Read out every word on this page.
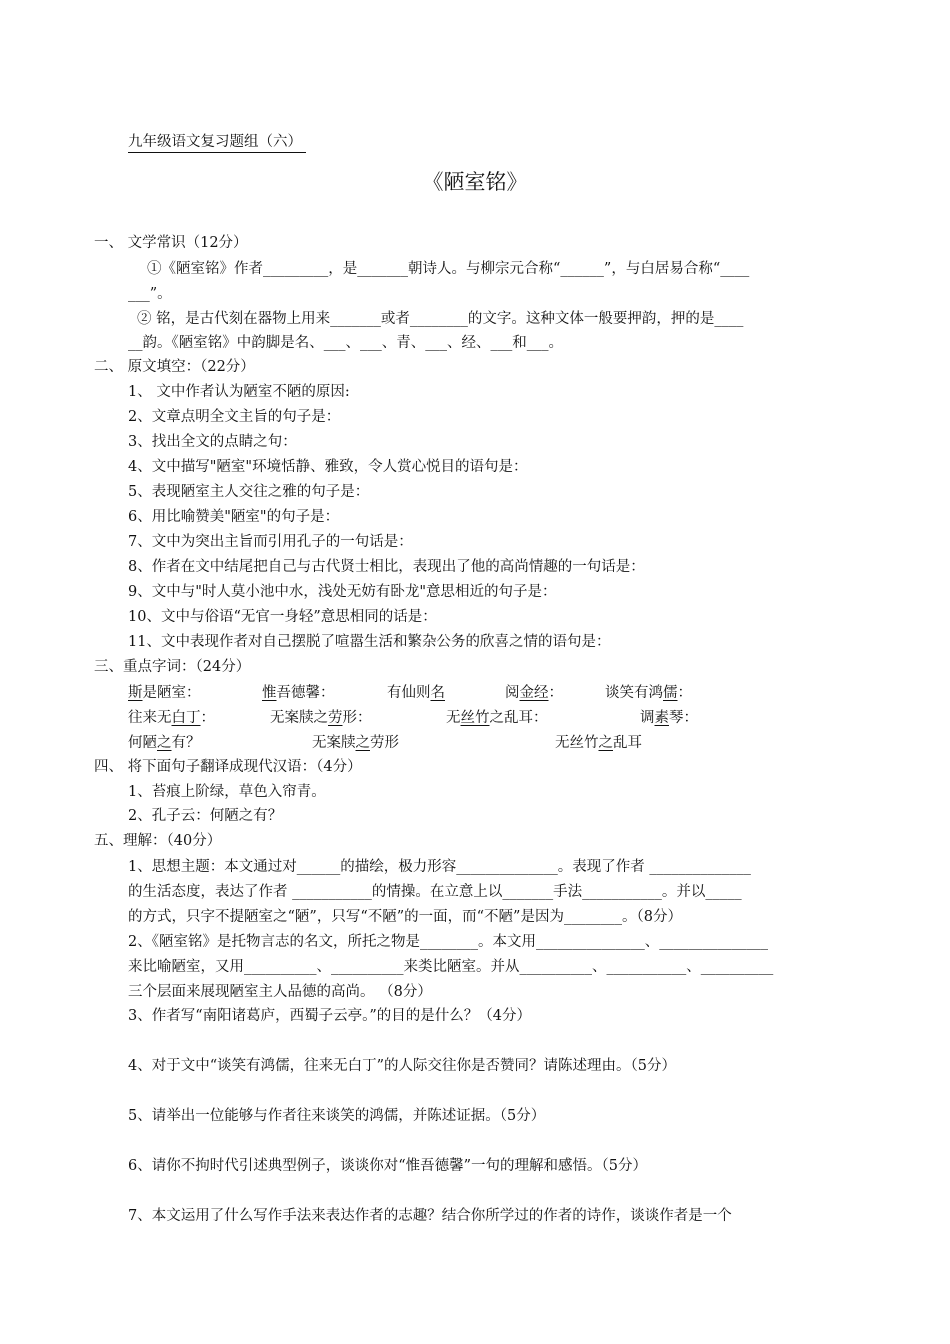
九年级语文复习题组（六）
《陋室铭》
一、 文学常识（12分）
①《陋室铭》作者_________，是_______朝诗人。与柳宗元合称“______”，与白居易合称“____
___”。
② 铭，是古代刻在器物上用来_______或者________的文字。这种文体一般要押韵，押的是____
__韵。《陋室铭》中韵脚是名、___、___、青、___、经、___和___。
二、 原文填空：（22分）
1、 文中作者认为陋室不陋的原因:
2、文章点明全文主旨的句子是：
3、找出全文的点睛之句：
4、文中描写"陋室"环境恬静、雅致，令人赏心悦目的语句是：
5、表现陋室主人交往之雅的句子是：
6、用比喻赞美"陋室"的句子是：
7、文中为突出主旨而引用孔子的一句话是：
8、作者在文中结尾把自己与古代贤士相比，表现出了他的高尚情趣的一句话是：
9、文中与"时人莫小池中水，浅处无妨有卧龙"意思相近的句子是：
10、文中与俗语“无官一身轻”意思相同的话是：
11、文中表现作者对自己摆脱了喧嚣生活和繁杂公务的欣喜之情的语句是：
三、重点字词：（24分）
斯是陋室：	惟吾德馨：	有仙则名	阅金经：	谈笑有鸿儒：
往来无白丁：	无案牍之劳形：	无丝竹之乱耳：	调素琴：
何陋之有？	无案牍之劳形	无丝竹之乱耳
四、 将下面句子翻译成现代汉语：（4分）
1、苔痕上阶绿，草色入帘青。
2、孔子云：何陋之有？
五、理解：（40分）
1、思想主题：本文通过对______的描绘，极力形容______________。表现了作者 ______________
的生活态度，表达了作者 ___________的情操。在立意上以_______手法___________。并以_____
的方式，只字不提陋室之“陋”，只写“不陋”的一面，而“不陋”是因为________。（8分）
2、《陋室铭》是托物言志的名文，所托之物是________。本文用_______________、_______________
来比喻陋室，又用__________、__________来类比陋室。并从__________、___________、__________
三个层面来展现陋室主人品德的高尚。 （8分）
3、作者写“南阳诸葛庐，西蜀子云亭。”的目的是什么？（4分）
4、对于文中“谈笑有鸿儒，往来无白丁”的人际交往你是否赞同？请陈述理由。（5分）
5、请举出一位能够与作者往来谈笑的鸿儒，并陈述证据。（5分）
6、请你不拘时代引述典型例子，谈谈你对“惟吾德馨”一句的理解和感悟。（5分）
7、本文运用了什么写作手法来表达作者的志趣？结合你所学过的作者的诗作，谈谈作者是一个
